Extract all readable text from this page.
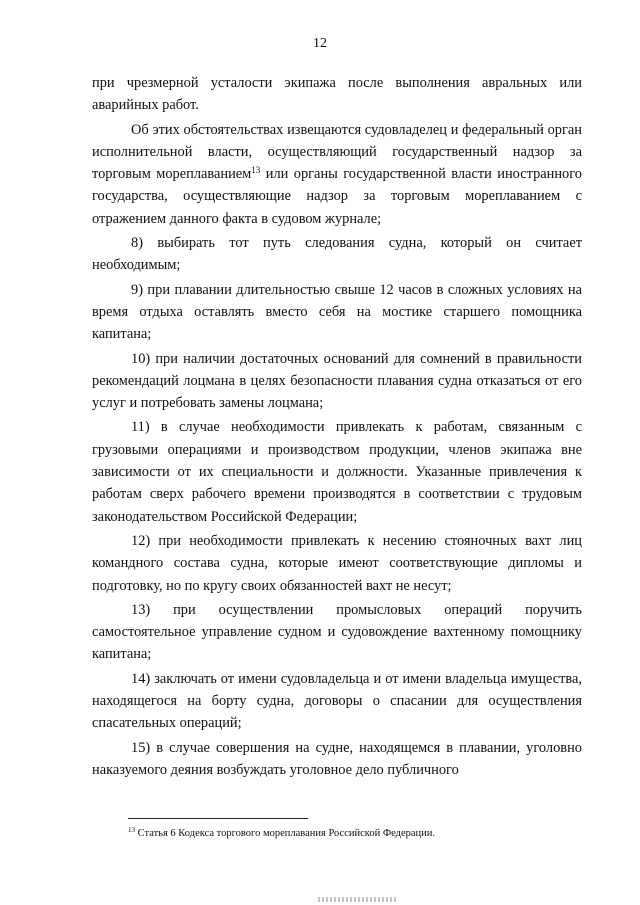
12

при чрезмерной усталости экипажа после выполнения авральных или аварийных работ.

Об этих обстоятельствах извещаются судовладелец и федеральный орган исполнительной власти, осуществляющий государственный надзор за торговым мореплаванием$^{13}$ или органы государственной власти иностранного государства, осуществляющие надзор за торговым мореплаванием с отражением данного факта в судовом журнале;

8) выбирать тот путь следования судна, который он считает необходимым;

9) при плавании длительностью свыше 12 часов в сложных условиях на время отдыха оставлять вместо себя на мостике старшего помощника капитана;

10) при наличии достаточных оснований для сомнений в правильности рекомендаций лоцмана в целях безопасности плавания судна отказаться от его услуг и потребовать замены лоцмана;

11) в случае необходимости привлекать к работам, связанным с грузовыми операциями и производством продукции, членов экипажа вне зависимости от их специальности и должности. Указанные привлечения к работам сверх рабочего времени производятся в соответствии с трудовым законодательством Российской Федерации;

12) при необходимости привлекать к несению стояночных вахт лиц командного состава судна, которые имеют соответствующие дипломы и подготовку, но по кругу своих обязанностей вахт не несут;

13) при осуществлении промысловых операций поручить самостоятельное управление судном и судовождение вахтенному помощнику капитана;

14) заключать от имени судовладельца и от имени владельца имущества, находящегося на борту судна, договоры о спасании для осуществления спасательных операций;

15) в случае совершения на судне, находящемся в плавании, уголовно наказуемого деяния возбуждать уголовное дело публичного

$^{13}$ Статья 6 Кодекса торгового мореплавания Российской Федерации.
